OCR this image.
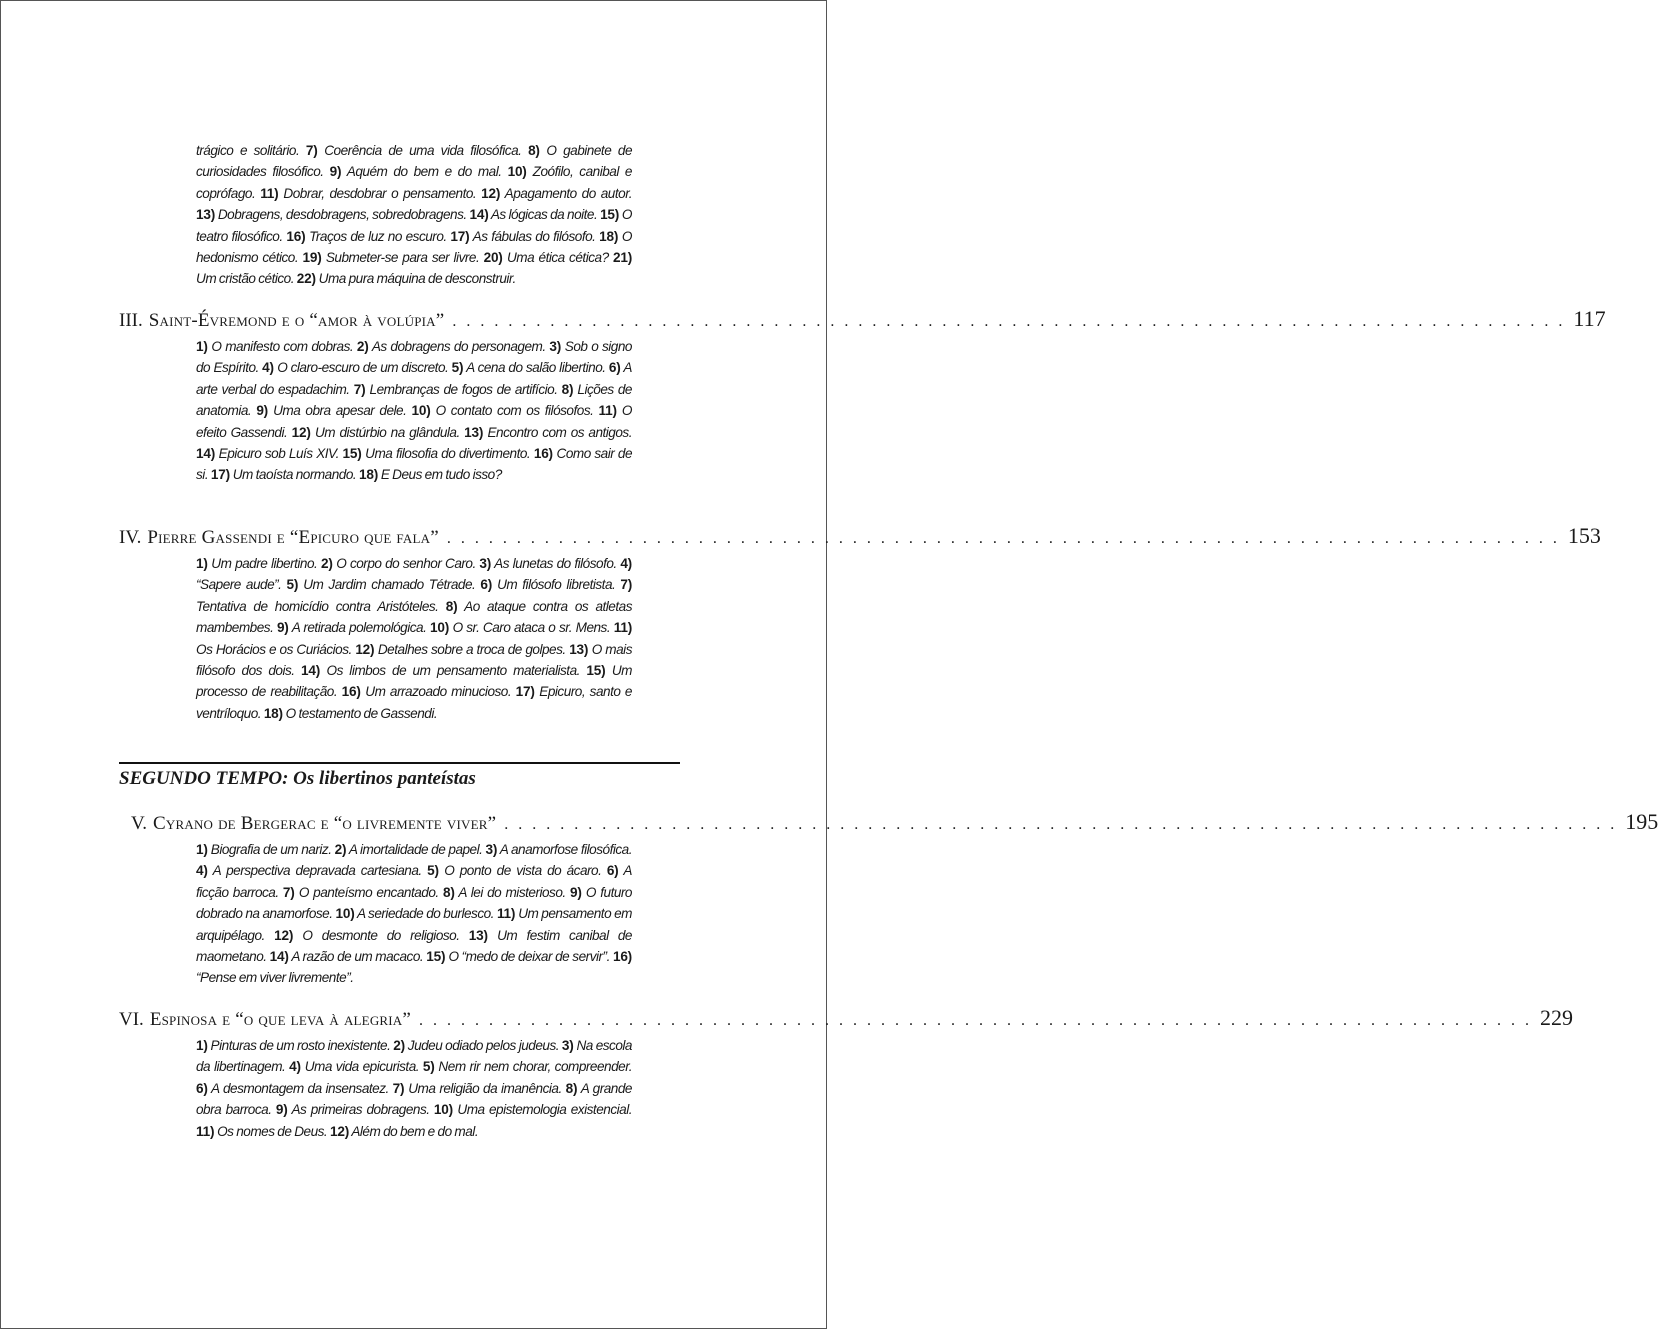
trágico e solitário. 7) Coerência de uma vida filosófica. 8) O gabinete de curiosidades filosófico. 9) Aquém do bem e do mal. 10) Zoófilo, canibal e coprófago. 11) Dobrar, desdobrar o pensamento. 12) Apagamento do autor. 13) Dobragens, desdobragens, sobredobragens. 14) As lógicas da noite. 15) O teatro filosófico. 16) Traços de luz no escuro. 17) As fábulas do filósofo. 18) O hedonismo cético. 19) Submeter-se para ser livre. 20) Uma ética cética? 21) Um cristão cético. 22) Uma pura máquina de desconstruir.
III. Saint-Évremond e o “amor à volúpia” . . . . . . . . . . . . . . . . . . . . . . . . . . . . . . . . . . . . . . . . . . . . . . . . . . . . . . . . . . . . . . . . . . . . . . . . . . . . . . . . 117
1) O manifesto com dobras. 2) As dobragens do personagem. 3) Sob o signo do Espírito. 4) O claro-escuro de um discreto. 5) A cena do salão libertino. 6) A arte verbal do espadachim. 7) Lembranças de fogos de artifício. 8) Lições de anatomia. 9) Uma obra apesar dele. 10) O contato com os filósofos. 11) O efeito Gassendi. 12) Um distúrbio na glândula. 13) Encontro com os antigos. 14) Epicuro sob Luís XIV. 15) Uma filosofia do divertimento. 16) Como sair de si. 17) Um taoísta normando. 18) E Deus em tudo isso?
IV. Pierre Gassendi e “Epicuro que fala” . . . . . . . . . . . . . . . . . . . . . . . . . . . . . . . . . . . . . . . . . . . . . . . . . . . . . . . . . . . . . . . . . . . . . . . . . . . . . . . . 153
1) Um padre libertino. 2) O corpo do senhor Caro. 3) As lunetas do filósofo. 4) “Sapere aude”. 5) Um Jardim chamado Tétrade. 6) Um filósofo libretista. 7) Tentativa de homicídio contra Aristóteles. 8) Ao ataque contra os atletas mambembes. 9) A retirada polemológica. 10) O sr. Caro ataca o sr. Mens. 11) Os Horácios e os Curiácios. 12) Detalhes sobre a troca de golpes. 13) O mais filósofo dos dois. 14) Os limbos de um pensamento materialista. 15) Um processo de reabilitação. 16) Um arrazoado minucioso. 17) Epicuro, santo e ventríloquo. 18) O testamento de Gassendi.
V. Cyrano de Bergerac e “o livremente viver” . . . . . . . . . . . . . . . . . . . . . . . . . . . . . . . . . . . . . . . . . . . . . . . . . . . . . . . . . . . . . . . . . . . . . . . . . . . . . . . . 195
1) Biografia de um nariz. 2) A imortalidade de papel. 3) A anamorfose filosófica. 4) A perspectiva depravada cartesiana. 5) O ponto de vista do ácaro. 6) A ficção barroca. 7) O panteísmo encantado. 8) A lei do misterioso. 9) O futuro dobrado na anamorfose. 10) A seriedade do burlesco. 11) Um pensamento em arquipélago. 12) O desmonte do religioso. 13) Um festim canibal de maometano. 14) A razão de um macaco. 15) O “medo de deixar de servir”. 16) “Pense em viver livremente”.
VI. Espinosa e “o que leva à alegria” . . . . . . . . . . . . . . . . . . . . . . . . . . . . . . . . . . . . . . . . . . . . . . . . . . . . . . . . . . . . . . . . . . . . . . . . . . . . . . . . 229
1) Pinturas de um rosto inexistente. 2) Judeu odiado pelos judeus. 3) Na escola da libertinagem. 4) Uma vida epicurista. 5) Nem rir nem chorar, compreender. 6) A desmontagem da insensatez. 7) Uma religião da imanência. 8) A grande obra barroca. 9) As primeiras dobragens. 10) Uma epistemologia existencial. 11) Os nomes de Deus. 12) Além do bem e do mal.
SEGUNDO TEMPO: Os libertinos panteístas
